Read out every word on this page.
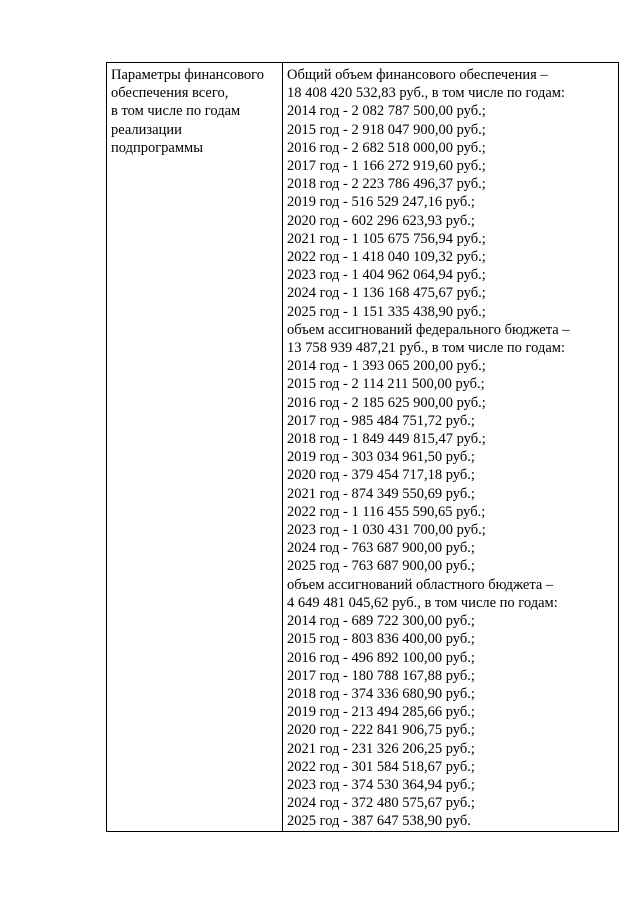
Параметры финансового
обеспечения всего,
в том числе по годам
реализации
подпрограммы

Общий объем финансового обеспечения –
18 408 420 532,83 руб., в том числе по годам:
2014 год - 2 082 787 500,00 руб.;
2015 год - 2 918 047 900,00 руб.;
2016 год - 2 682 518 000,00 руб.;
2017 год - 1 166 272 919,60 руб.;
2018 год - 2 223 786 496,37 руб.;
2019 год - 516 529 247,16 руб.;
2020 год - 602 296 623,93 руб.;
2021 год - 1 105 675 756,94 руб.;
2022 год - 1 418 040 109,32 руб.;
2023 год - 1 404 962 064,94 руб.;
2024 год - 1 136 168 475,67 руб.;
2025 год - 1 151 335 438,90 руб.;
объем ассигнований федерального бюджета –
13 758 939 487,21 руб., в том числе по годам:
2014 год - 1 393 065 200,00 руб.;
2015 год - 2 114 211 500,00 руб.;
2016 год - 2 185 625 900,00 руб.;
2017 год - 985 484 751,72 руб.;
2018 год - 1 849 449 815,47 руб.;
2019 год - 303 034 961,50 руб.;
2020 год - 379 454 717,18 руб.;
2021 год - 874 349 550,69 руб.;
2022 год - 1 116 455 590,65 руб.;
2023 год - 1 030 431 700,00 руб.;
2024 год - 763 687 900,00 руб.;
2025 год - 763 687 900,00 руб.;
объем ассигнований областного бюджета –
4 649 481 045,62 руб., в том числе по годам:
2014 год - 689 722 300,00 руб.;
2015 год - 803 836 400,00 руб.;
2016 год - 496 892 100,00 руб.;
2017 год - 180 788 167,88 руб.;
2018 год - 374 336 680,90 руб.;
2019 год - 213 494 285,66 руб.;
2020 год - 222 841 906,75 руб.;
2021 год - 231 326 206,25 руб.;
2022 год - 301 584 518,67 руб.;
2023 год - 374 530 364,94 руб.;
2024 год - 372 480 575,67 руб.;
2025 год - 387 647 538,90 руб.
